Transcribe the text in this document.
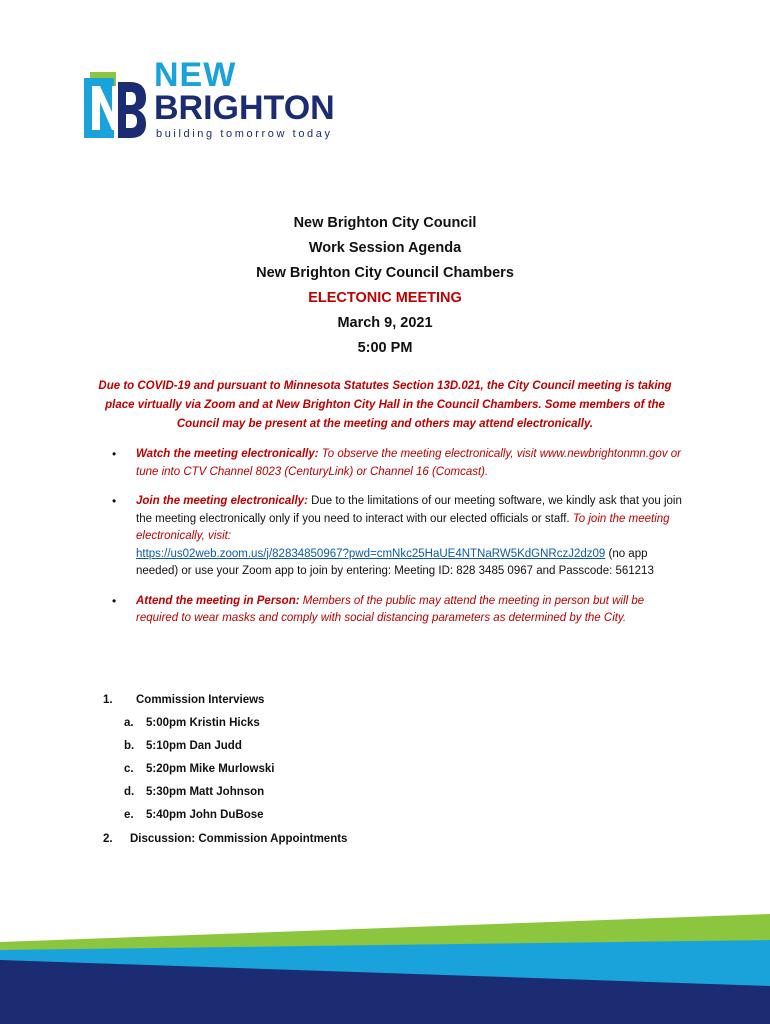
NEW
BRIGHTON
building tomorrow today
New Brighton City Council
Work Session Agenda
New Brighton City Council Chambers
ELECTONIC MEETING
March 9, 2021
5:00 PM
Due to COVID-19 and pursuant to Minnesota Statutes Section 13D.021, the City Council meeting is taking place virtually via Zoom and at New Brighton City Hall in the Council Chambers. Some members of the Council may be present at the meeting and others may attend electronically.
•	Watch the meeting electronically: To observe the meeting electronically, visit www.newbrightonmn.gov or tune into CTV Channel 8023 (CenturyLink) or Channel 16 (Comcast).
•	Join the meeting electronically: Due to the limitations of our meeting software, we kindly ask that you join the meeting electronically only if you need to interact with our elected officials or staff. To join the meeting electronically, visit:
https://us02web.zoom.us/j/82834850967?pwd=cmNkc25HaUE4NTNaRW5KdGNRczJ2dz09 (no app needed) or use your Zoom app to join by entering: Meeting ID: 828 3485 0967 and Passcode: 561213
•	Attend the meeting in Person: Members of the public may attend the meeting in person but will be required to wear masks and comply with social distancing parameters as determined by the City.
1. Commission Interviews
a. 5:00pm Kristin Hicks
b. 5:10pm Dan Judd
c. 5:20pm Mike Murlowski
d. 5:30pm Matt Johnson
e. 5:40pm John DuBose
2. Discussion: Commission Appointments
